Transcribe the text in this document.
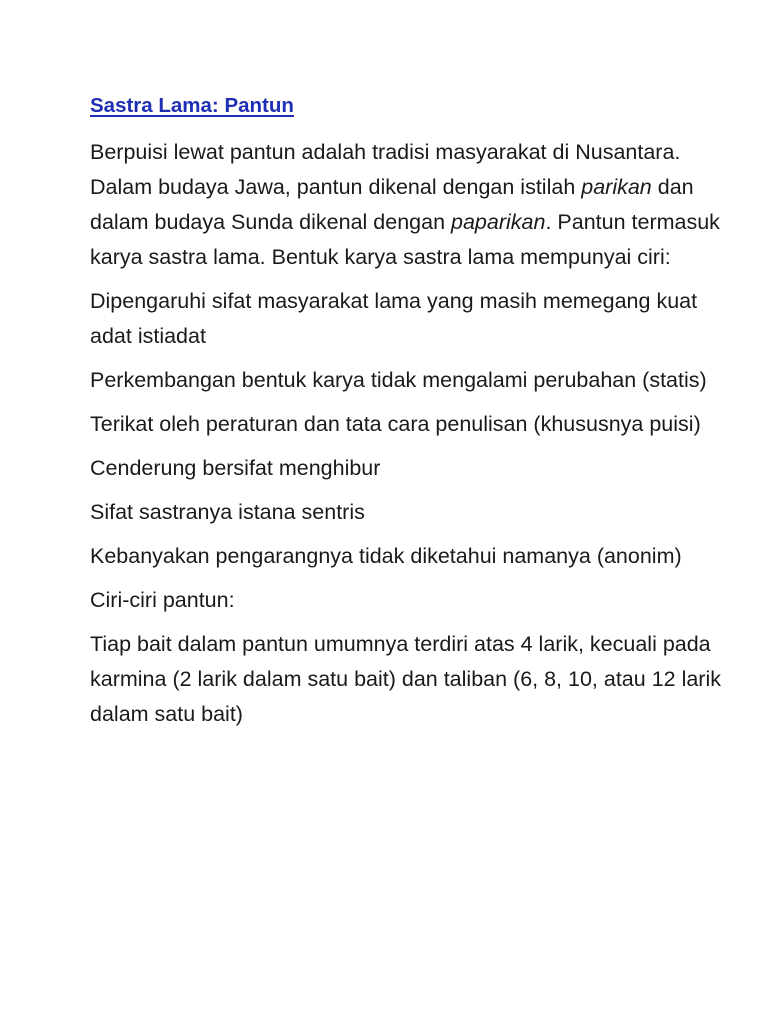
Sastra Lama: Pantun

Berpuisi lewat pantun adalah tradisi masyarakat di Nusantara. Dalam budaya Jawa, pantun dikenal dengan istilah parikan dan dalam budaya Sunda dikenal dengan paparikan. Pantun termasuk karya sastra lama. Bentuk karya sastra lama mempunyai ciri:

Dipengaruhi sifat masyarakat lama yang masih memegang kuat adat istiadat

Perkembangan bentuk karya tidak mengalami perubahan (statis)

Terikat oleh peraturan dan tata cara penulisan (khususnya puisi)

Cenderung bersifat menghibur

Sifat sastranya istana sentris

Kebanyakan pengarangnya tidak diketahui namanya (anonim)

Ciri-ciri pantun:

Tiap bait dalam pantun umumnya terdiri atas 4 larik, kecuali pada karmina (2 larik dalam satu bait) dan taliban (6, 8, 10, atau 12 larik dalam satu bait)
